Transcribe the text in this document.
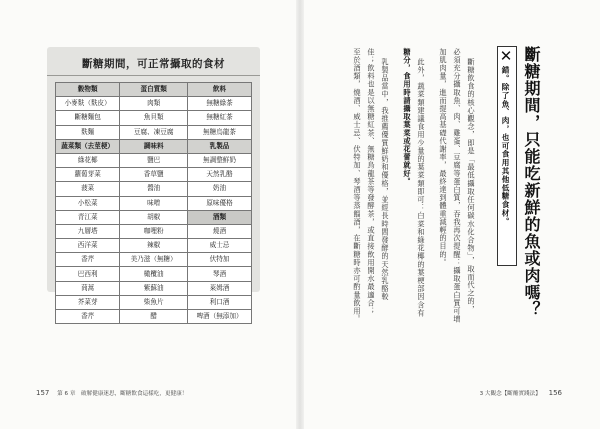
斷糖期間，可正常攝取的食材
穀物類	蛋白質類	飲料
小麥麩（麩皮）	肉類	無糖綠茶
斷糖麵包	魚貝類	無糖紅茶
麩麵	豆腐、凍豆腐	無糖烏龍茶
蔬菜類（去莖梗）	調味料	乳製品
綠花椰	鹽巴	無調整鮮奶
蘿蔔芽菜	香草鹽	天然乳酪
菠菜	醬油	奶油
小松菜	味噌	原味優格
青江菜	胡椒	酒類
九層塔	咖哩粉	燒酒
西洋菜	辣椒	威士忌
香芹	美乃滋（無糖）	伏特加
巴西利	橄欖油	琴酒
茼蒿	紫蘇油	萊姆酒
芥菜芽	柴魚片	利口酒
香芹	醋	啤酒（無添加）
157 第 6 章　破解健康迷思，斷糖飲食這樣吃，更健康！
斷糖期間，只能吃新鮮的魚或肉嗎？
✕
錯。除了魚、肉，也可食用其他低糖食材。
斷糖飲食的核心觀念，即是「最低攝取任何碳水化合物」，取而代之的，
必須充分攝取魚、肉、雞蛋、豆腐等蛋白質，吞我再次提醒：攝取蛋白質可增
加肌肉量，進而提高基礎代謝率，最終達到體重減輕的目的。
此外，蔬菜類建議食用少量的葉菜類即可：白菜和綠花椰的葉梗部因含有
糖分，食用時請攝取葉菜或花蕾就好。
乳製品當中，我推薦優質鮮奶和優格，並經長時間發酵的天然乳酪較
佳；飲料也是以無糖紅茶、無糖烏龍茶等發酵茶，或直接飲用開水最適合；
至於酒類，燒酒、威士忌、伏特加、琴酒等蒸餾酒，在斷糖時亦可酌量飲用。
3 大觀念【斷醣實踐法】 156
